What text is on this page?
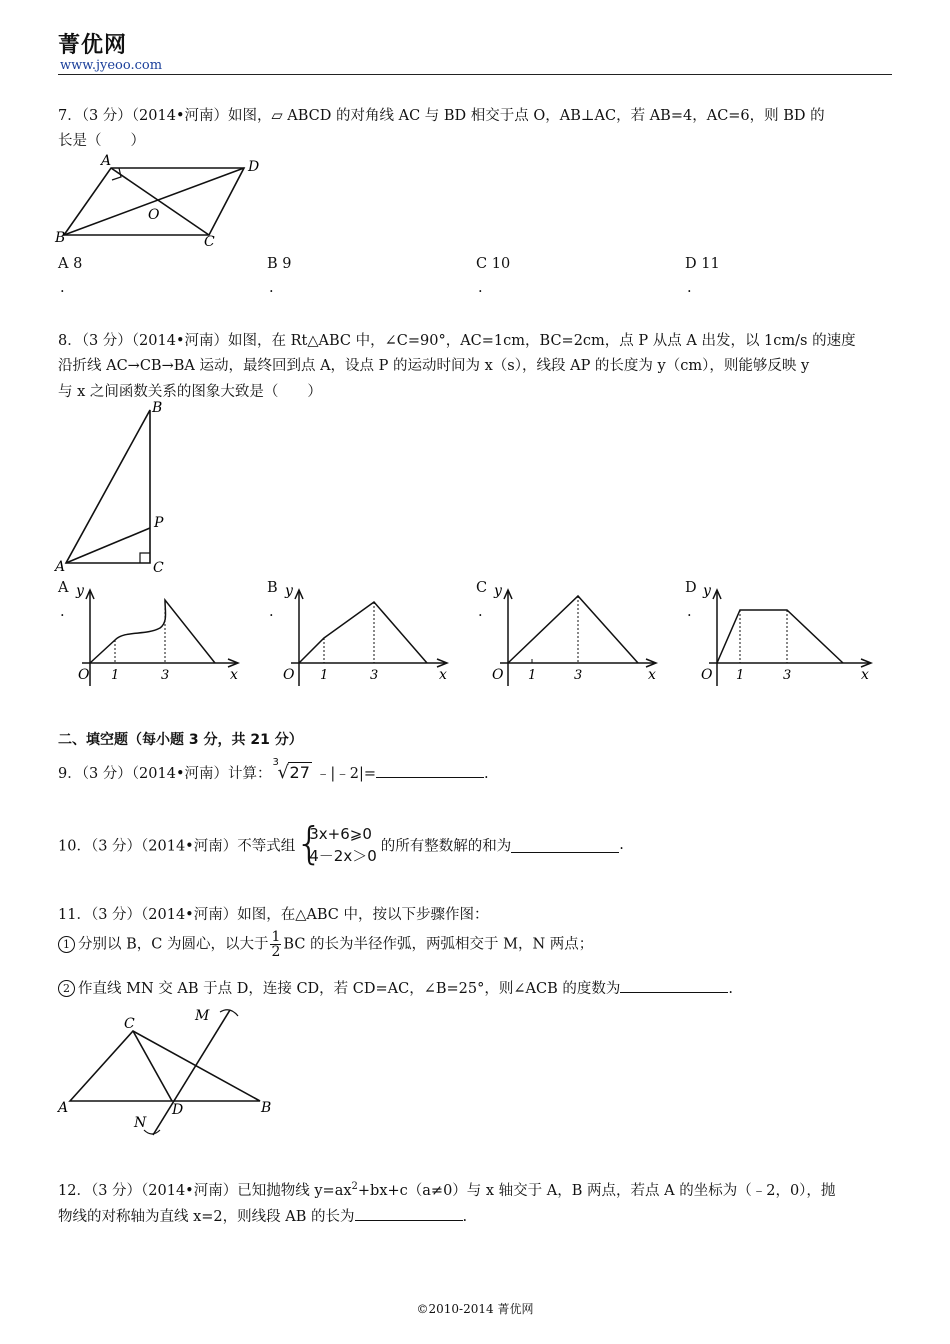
菁优网
www.jyeoo.com
7．（3 分）（2014•河南）如图，▱ ABCD 的对角线 AC 与 BD 相交于点 O，AB⊥AC，若 AB=4，AC=6，则 BD 的
长是（　　）
A	D
O
B	C
A 8	B 9	C 10	D 11
.	.	.	.
8．（3 分）（2014•河南）如图，在 Rt△ABC 中，∠C=90°，AC=1cm，BC=2cm，点 P 从点 A 出发，以 1cm/s 的速度
沿折线 AC→CB→BA 运动，最终回到点 A，设点 P 的运动时间为 x（s），线段 AP 的长度为 y（cm），则能够反映 y
与 x 之间函数关系的图象大致是（　　）
B
P
A	C
A
.
B
.
C
.
D
.
y
O 1	3	x
y
O 1	3	x
y
O 1	3	x
y
O 1	3	x
二、填空题（每小题 3 分，共 21 分）
9．（3 分）（2014•河南）计算：
3
√ 27 ﹣|﹣2|=	.
10．（3 分）（2014•河南）不等式组
{ 3x+6⩾0
4－2x＞0
的所有整数解的和为	.
11．（3 分）（2014•河南）如图，在△ABC 中，按以下步骤作图：
1 分别以 B，C 为圆心，以大于 $\frac{1}{2}$ BC 的长为半径作弧，两弧相交于 M，N 两点；
2 作直线 MN 交 AB 于点 D，连接 CD，若 CD=AC，∠B=25°，则∠ACB 的度数为	.
C	M
A	D	B
N
12．（3 分）（2014•河南）已知抛物线 $y=ax^2+bx+c(a\ne 0)$与 x 轴交于 A，B 两点，若点 A 的坐标为（﹣2，0），抛
物线的对称轴为直线 x=2，则线段 AB 的长为	.
©2010-2014 菁优网
